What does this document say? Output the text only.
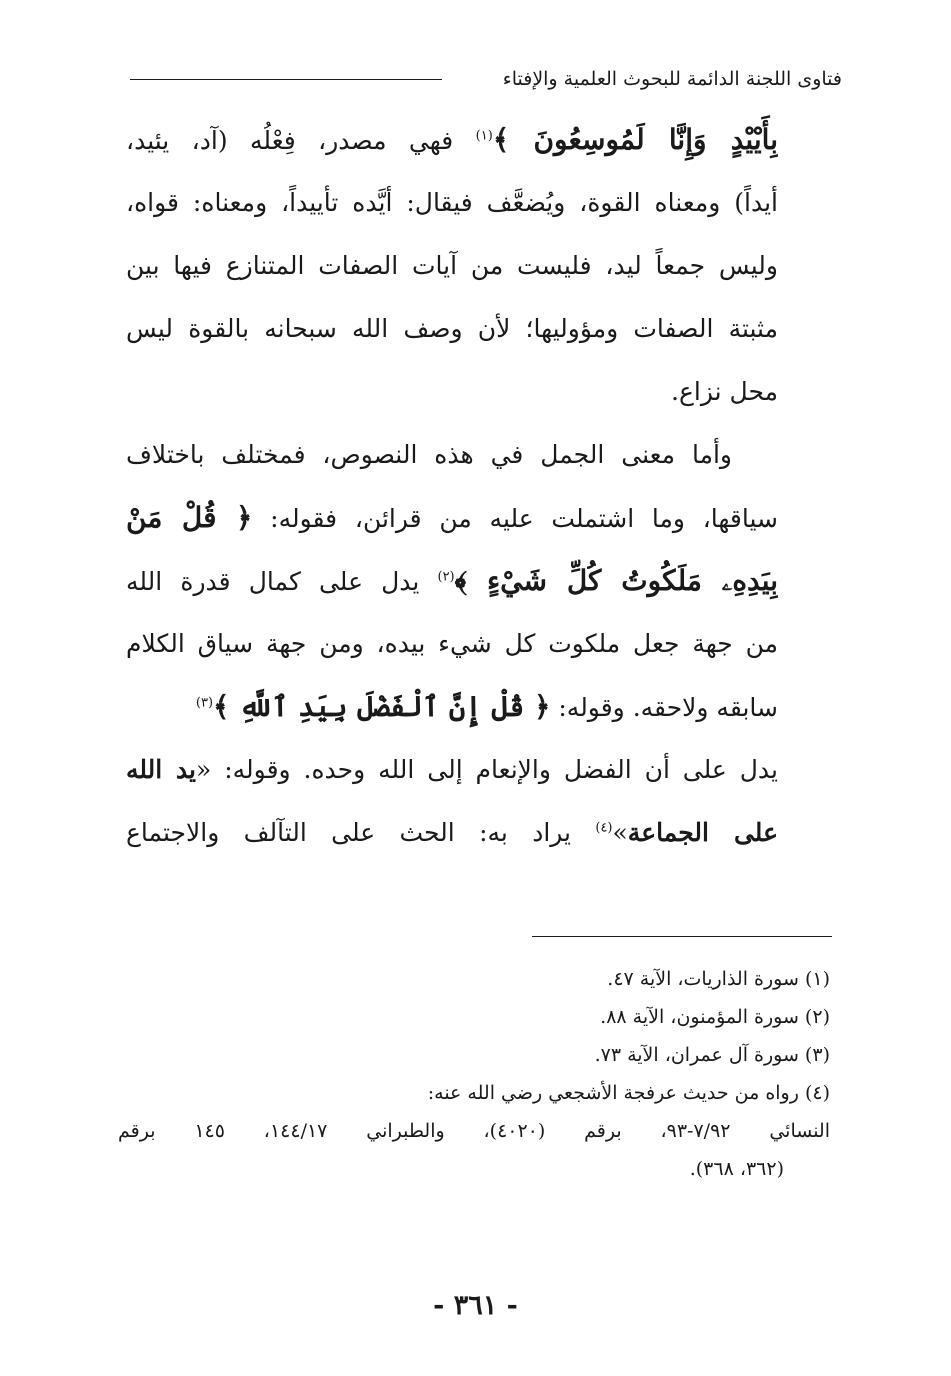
فتاوى اللجنة الدائمة للبحوث العلمية والإفتاء
بِأَيْيْدٍ وَإِنَّا لَمُوسِعُونَ ﴾$^{(١)}$ فهي مصدر، فِعْلُه (آد، يئيد،
أيداً) ومعناه القوة، ويُضعَّف فيقال: أيَّده تأييداً، ومعناه: قواه،
وليس جمعاً ليد، فليست من آيات الصفات المتنازع فيها بين
مثبتة الصفات ومؤوليها؛ لأن وصف الله سبحانه بالقوة ليس
محل نزاع.
وأما معنى الجمل في هذه النصوص، فمختلف باختلاف
سياقها، وما اشتملت عليه من قرائن، فقوله: ﴿ قُلْ مَنْ
بِيَدِهِۦ مَلَكُوتُ كُلِّ شَيْءٍ ﴾$^{(٢)}$ يدل على كمال قدرة الله
من جهة جعل ملكوت كل شيء بيده، ومن جهة سياق الكلام
سابقه ولاحقه. وقوله: ﴿ قُلْ إِنَّ ٱلْفَضْلَ بِيَدِ ٱللَّهِ ﴾$^{(٣)}$
يدل على أن الفضل والإنعام إلى الله وحده. وقوله: «يد الله
على الجماعة»$^{(٤)}$ يراد به: الحث على التآلف والاجتماع
(١) سورة الذاريات، الآية ٤٧.
(٢) سورة المؤمنون، الآية ٨٨.
(٣) سورة آل عمران، الآية ٧٣.
(٤) رواه من حديث عرفجة الأشجعي رضي الله عنه:
النسائي ٧/٩٢-٩٣، برقم (٤٠٢٠)، والطبراني ١٤٤/١٧، ١٤٥ برقم
(٣٦٢، ٣٦٨).
- ٣٦١ -
